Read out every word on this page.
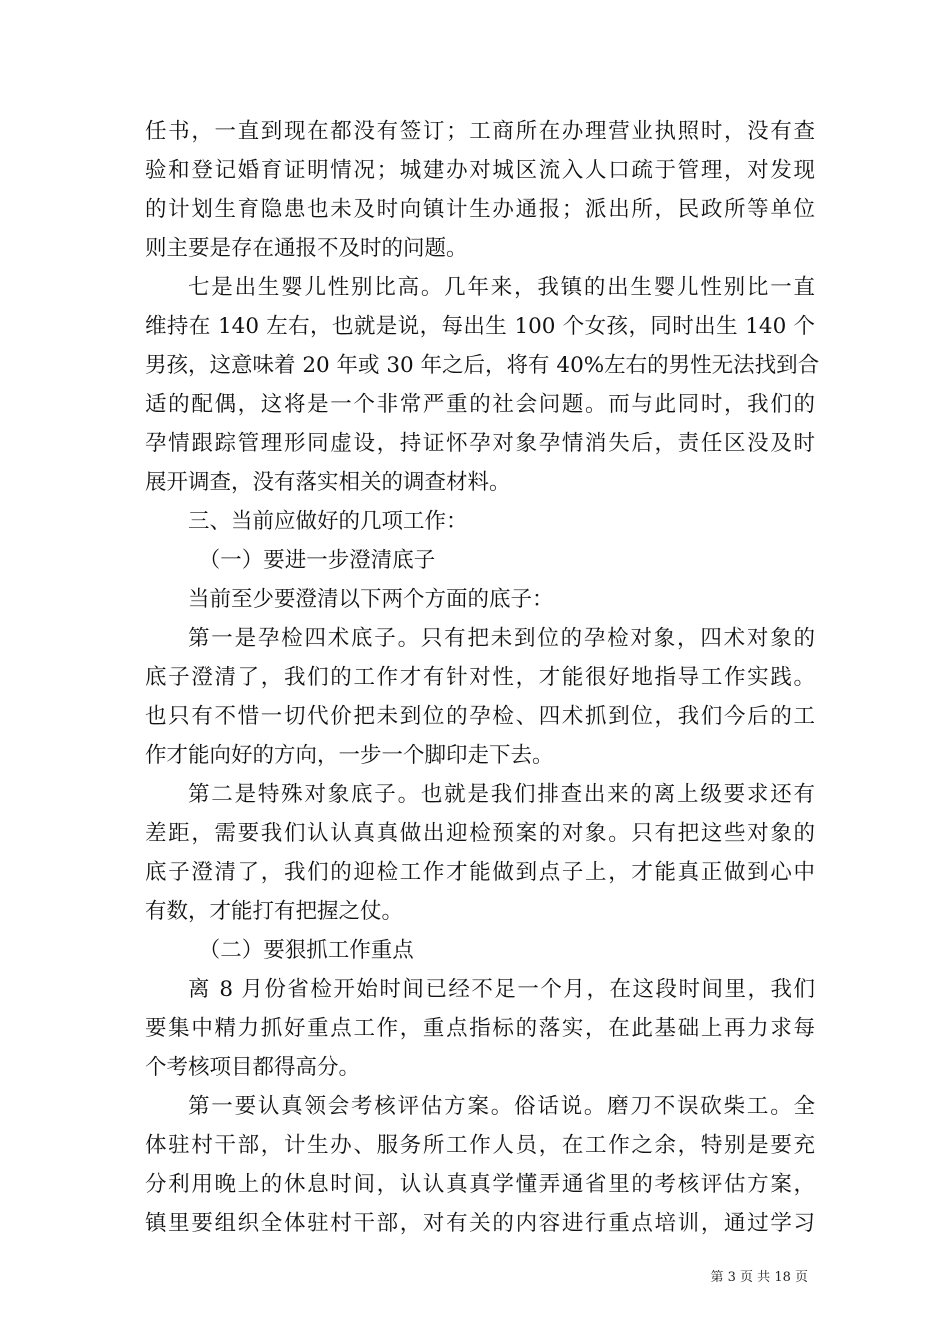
任书，一直到现在都没有签订；工商所在办理营业执照时，没有查
验和登记婚育证明情况；城建办对城区流入人口疏于管理，对发现
的计划生育隐患也未及时向镇计生办通报；派出所，民政所等单位
则主要是存在通报不及时的问题。
七是出生婴儿性别比高。几年来，我镇的出生婴儿性别比一直
维持在 140 左右，也就是说，每出生 100 个女孩，同时出生 140 个
男孩，这意味着 20 年或 30 年之后，将有 40%左右的男性无法找到合
适的配偶，这将是一个非常严重的社会问题。而与此同时，我们的
孕情跟踪管理形同虚设，持证怀孕对象孕情消失后，责任区没及时
展开调查，没有落实相关的调查材料。
三、当前应做好的几项工作：
（一）要进一步澄清底子
当前至少要澄清以下两个方面的底子：
第一是孕检四术底子。只有把未到位的孕检对象，四术对象的
底子澄清了，我们的工作才有针对性，才能很好地指导工作实践。
也只有不惜一切代价把未到位的孕检、四术抓到位，我们今后的工
作才能向好的方向，一步一个脚印走下去。
第二是特殊对象底子。也就是我们排查出来的离上级要求还有
差距，需要我们认认真真做出迎检预案的对象。只有把这些对象的
底子澄清了，我们的迎检工作才能做到点子上，才能真正做到心中
有数，才能打有把握之仗。
（二）要狠抓工作重点
离 8 月份省检开始时间已经不足一个月，在这段时间里，我们
要集中精力抓好重点工作，重点指标的落实，在此基础上再力求每
个考核项目都得高分。
第一要认真领会考核评估方案。俗话说。磨刀不误砍柴工。全
体驻村干部，计生办、服务所工作人员，在工作之余，特别是要充
分利用晚上的休息时间，认认真真学懂弄通省里的考核评估方案，
镇里要组织全体驻村干部，对有关的内容进行重点培训，通过学习
第 3 页 共 18 页
